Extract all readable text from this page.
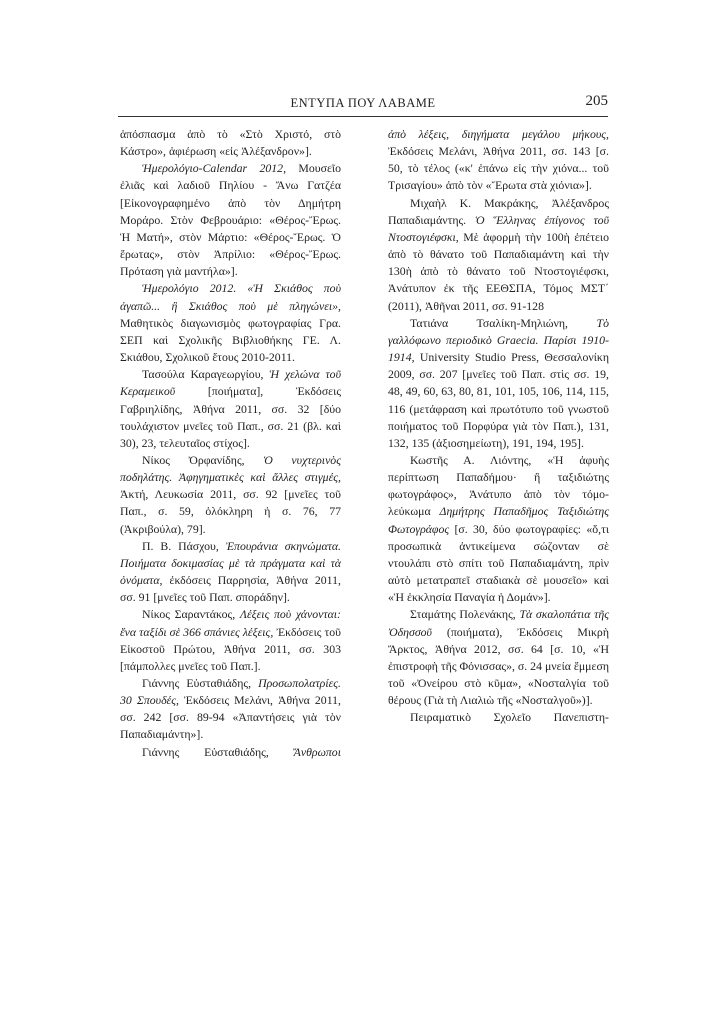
ΕΝΤΥΠΑ ΠΟΥ ΛΑΒΑΜΕ	205

ἀπόσπασμα ἀπὸ τὸ «Στὸ Χριστό, στὸ Κάστρο», ἀφιέρωση «εἰς Ἀλέξανδρον»].

Ἡμερολόγιο-Calendar 2012, Μουσεῖο ἐλιᾶς καὶ λαδιοῦ Πηλίου - Ἄνω Γατζέα [Εἰκονογραφημένο ἀπὸ τὸν Δημήτρη Μοράρο. Στὸν Φεβρουάριο: «Θέρος-Ἔρως. Ἡ Ματή», στὸν Μάρτιο: «Θέρος-Ἔρως. Ὁ ἔρωτας», στὸν Ἀπρίλιο: «Θέρος-Ἔρως. Πρόταση γιὰ μαντήλα»].

Ἡμερολόγιο 2012. «Ἡ Σκιάθος ποὺ ἀγαπῶ... ἢ Σκιάθος ποὺ μὲ πληγώνει», Μαθητικὸς διαγωνισμὸς φωτογραφίας Γρα. ΣΕΠ καὶ Σχολικῆς Βιβλιοθήκης ΓΕ. Λ. Σκιάθου, Σχολικοῦ ἔτους 2010-2011.

Τασούλα Καραγεωργίου, Ἡ χελώνα τοῦ Κεραμεικοῦ [ποιήματα], Ἐκδόσεις Γαβριηλίδης, Ἀθήνα 2011, σσ. 32 [δύο τουλάχιστον μνεῖες τοῦ Παπ., σσ. 21 (βλ. καὶ 30), 23, τελευταῖος στίχος].

Νίκος Ὀρφανίδης, Ὁ νυχτερινὸς ποδηλάτης. Ἀφηγηματικὲς καὶ ἄλλες στιγμές, Ἀκτή, Λευκωσία 2011, σσ. 92 [μνεῖες τοῦ Παπ., σ. 59, ὁλόκληρη ἡ σ. 76, 77 (Ἀκριβούλα), 79].

Π. Β. Πάσχου, Ἐπουράνια σκηνώματα. Ποιήματα δοκιμασίας μὲ τὰ πράγματα καὶ τὰ ὀνόματα, ἐκδόσεις Παρρησία, Ἀθήνα 2011, σσ. 91 [μνεῖες τοῦ Παπ. σποράδην].

Νίκος Σαραντάκος, Λέξεις ποὺ χάνονται: ἕνα ταξίδι σὲ 366 σπάνιες λέξεις, Ἐκδόσεις τοῦ Εἰκοστοῦ Πρώτου, Ἀθήνα 2011, σσ. 303 [πάμπολλες μνεῖες τοῦ Παπ.].

Γιάννης Εὐσταθιάδης, Προσωπολατρίες. 30 Σπουδές, Ἐκδόσεις Μελάνι, Ἀθήνα 2011, σσ. 242 [σσ. 89-94 «Ἀπαντήσεις γιὰ τὸν Παπαδιαμάντη»].

Γιάννης Εὐσταθιάδης, Ἄνθρωποι

ἀπὸ λέξεις, διηγήματα μεγάλου μήκους, Ἐκδόσεις Μελάνι, Ἀθήνα 2011, σσ. 143 [σ. 50, τὸ τέλος («κ' ἐπάνω εἰς τὴν χιόνα... τοῦ Τρισαγίου» ἀπὸ τὸν «Ἔρωτα στὰ χιόνια»].

Μιχαὴλ Κ. Μακράκης, Ἀλέξανδρος Παπαδιαμάντης. Ὁ Ἕλληνας ἐπίγονος τοῦ Ντοστογιέφσκι, Μὲ ἀφορμὴ τὴν 100ὴ ἐπέτειο ἀπὸ τὸ θάνατο τοῦ Παπαδιαμάντη καὶ τὴν 130ὴ ἀπὸ τὸ θάνατο τοῦ Ντοστογιέφσκι, Ἀνάτυπον ἐκ τῆς ΕΕΘΣΠΑ, Τόμος ΜΣΤ΄ (2011), Ἀθῆναι 2011, σσ. 91-128

Τατιάνα Τσαλίκη-Μηλιώνη, Τὸ γαλλόφωνο περιοδικὸ Graecia. Παρίσι 1910-1914, University Studio Press, Θεσσαλονίκη 2009, σσ. 207 [μνεῖες τοῦ Παπ. στὶς σσ. 19, 48, 49, 60, 63, 80, 81, 101, 105, 106, 114, 115, 116 (μετάφραση καὶ πρωτότυπο τοῦ γνωστοῦ ποιήματος τοῦ Πορφύρα γιὰ τὸν Παπ.), 131, 132, 135 (ἀξιοσημείωτη), 191, 194, 195].

Κωστῆς Α. Λιόντης, «Ἡ ἀφυὴς περίπτωση Παπαδήμου· ἢ ταξιδιώτης φωτογράφος», Ἀνάτυπο ἀπὸ τὸν τόμο-λεύκωμα Δημήτρης Παπαδῆμος Ταξιδιώτης Φωτογράφος [σ. 30, δύο φωτογραφίες: «ὅ,τι προσωπικὰ ἀντικείμενα σώζονταν σὲ ντουλάπι στὸ σπίτι τοῦ Παπαδιαμάντη, πρὶν αὐτὸ μετατραπεῖ σταδιακὰ σὲ μουσεῖο» καὶ «Ἡ ἐκκλησία Παναγία ἡ Δομάν»].

Σταμάτης Πολενάκης, Τὰ σκαλοπάτια τῆς Ὀδησσοῦ (ποιήματα), Ἐκδόσεις Μικρὴ Ἄρκτος, Ἀθήνα 2012, σσ. 64 [σ. 10, «Ἡ ἐπιστροφὴ τῆς Φόνισσας», σ. 24 μνεία ἔμμεση τοῦ «Ὀνείρου στὸ κῦμα», «Νοσταλγία τοῦ θέρους (Γιὰ τὴ Λιαλιὼ τῆς «Νοσταλγοῦ»)].

Πειραματικὸ Σχολεῖο Πανεπιστη-
